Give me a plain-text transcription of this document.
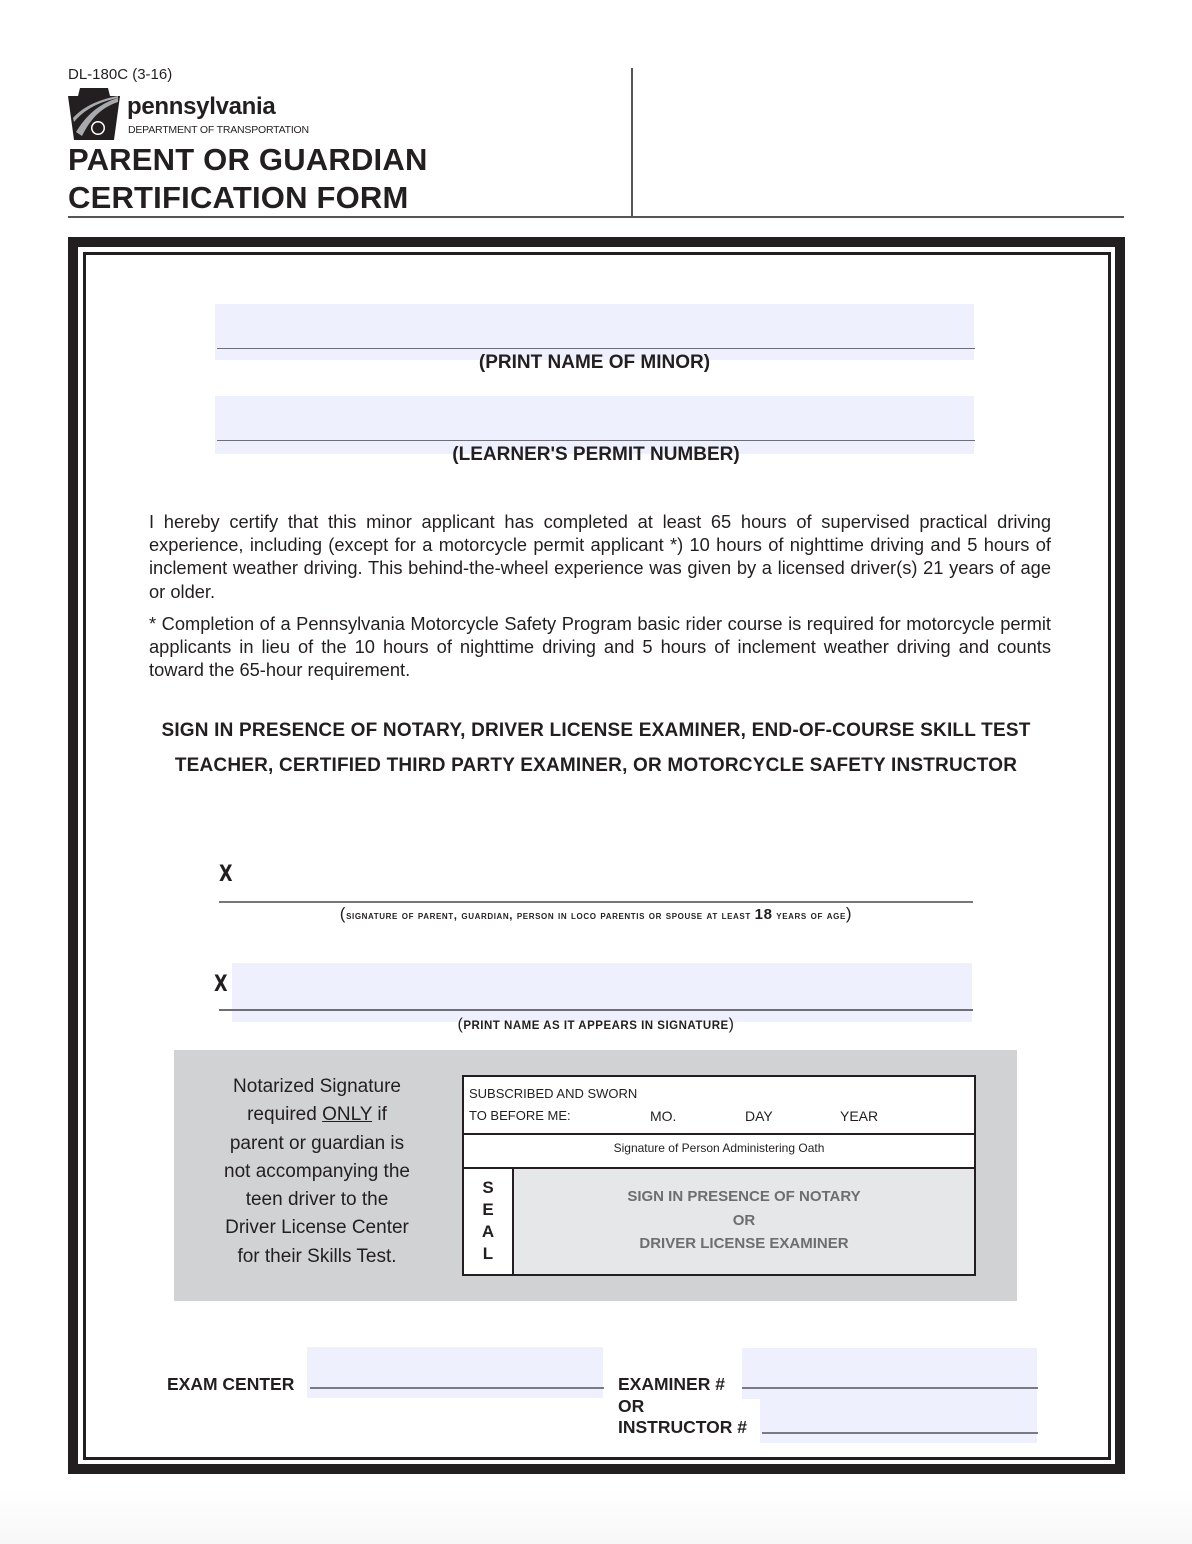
DL-180C (3-16)
pennsylvania
DEPARTMENT OF TRANSPORTATION
PARENT OR GUARDIAN
CERTIFICATION FORM
(PRINT NAME OF MINOR)
(LEARNER'S PERMIT NUMBER)
I hereby certify that this minor applicant has completed at least 65 hours of supervised practical driving experience, including (except for a motorcycle permit applicant *) 10 hours of nighttime driving and 5 hours of inclement weather driving. This behind-the-wheel experience was given by a licensed driver(s) 21 years of age or older.
* Completion of a Pennsylvania Motorcycle Safety Program basic rider course is required for motorcycle permit applicants in lieu of the 10 hours of nighttime driving and 5 hours of inclement weather driving and counts toward the 65-hour requirement.
SIGN IN PRESENCE OF NOTARY, DRIVER LICENSE EXAMINER, END-OF-COURSE SKILL TEST
TEACHER, CERTIFIED THIRD PARTY EXAMINER, OR MOTORCYCLE SAFETY INSTRUCTOR
X
(signature of parent, guardian, person in loco parentis or spouse at least 18 years of age)
X
(PRINT NAME AS IT APPEARS IN SIGNATURE)
Notarized Signature
required ONLY if
parent or guardian is
not accompanying the
teen driver to the
Driver License Center
for their Skills Test.
SUBSCRIBED AND SWORN
TO BEFORE ME:	MO.	DAY	YEAR
Signature of Person Administering Oath
S
E
A
L
SIGN IN PRESENCE OF NOTARY
OR
DRIVER LICENSE EXAMINER
EXAM CENTER	EXAMINER #
OR
INSTRUCTOR #
